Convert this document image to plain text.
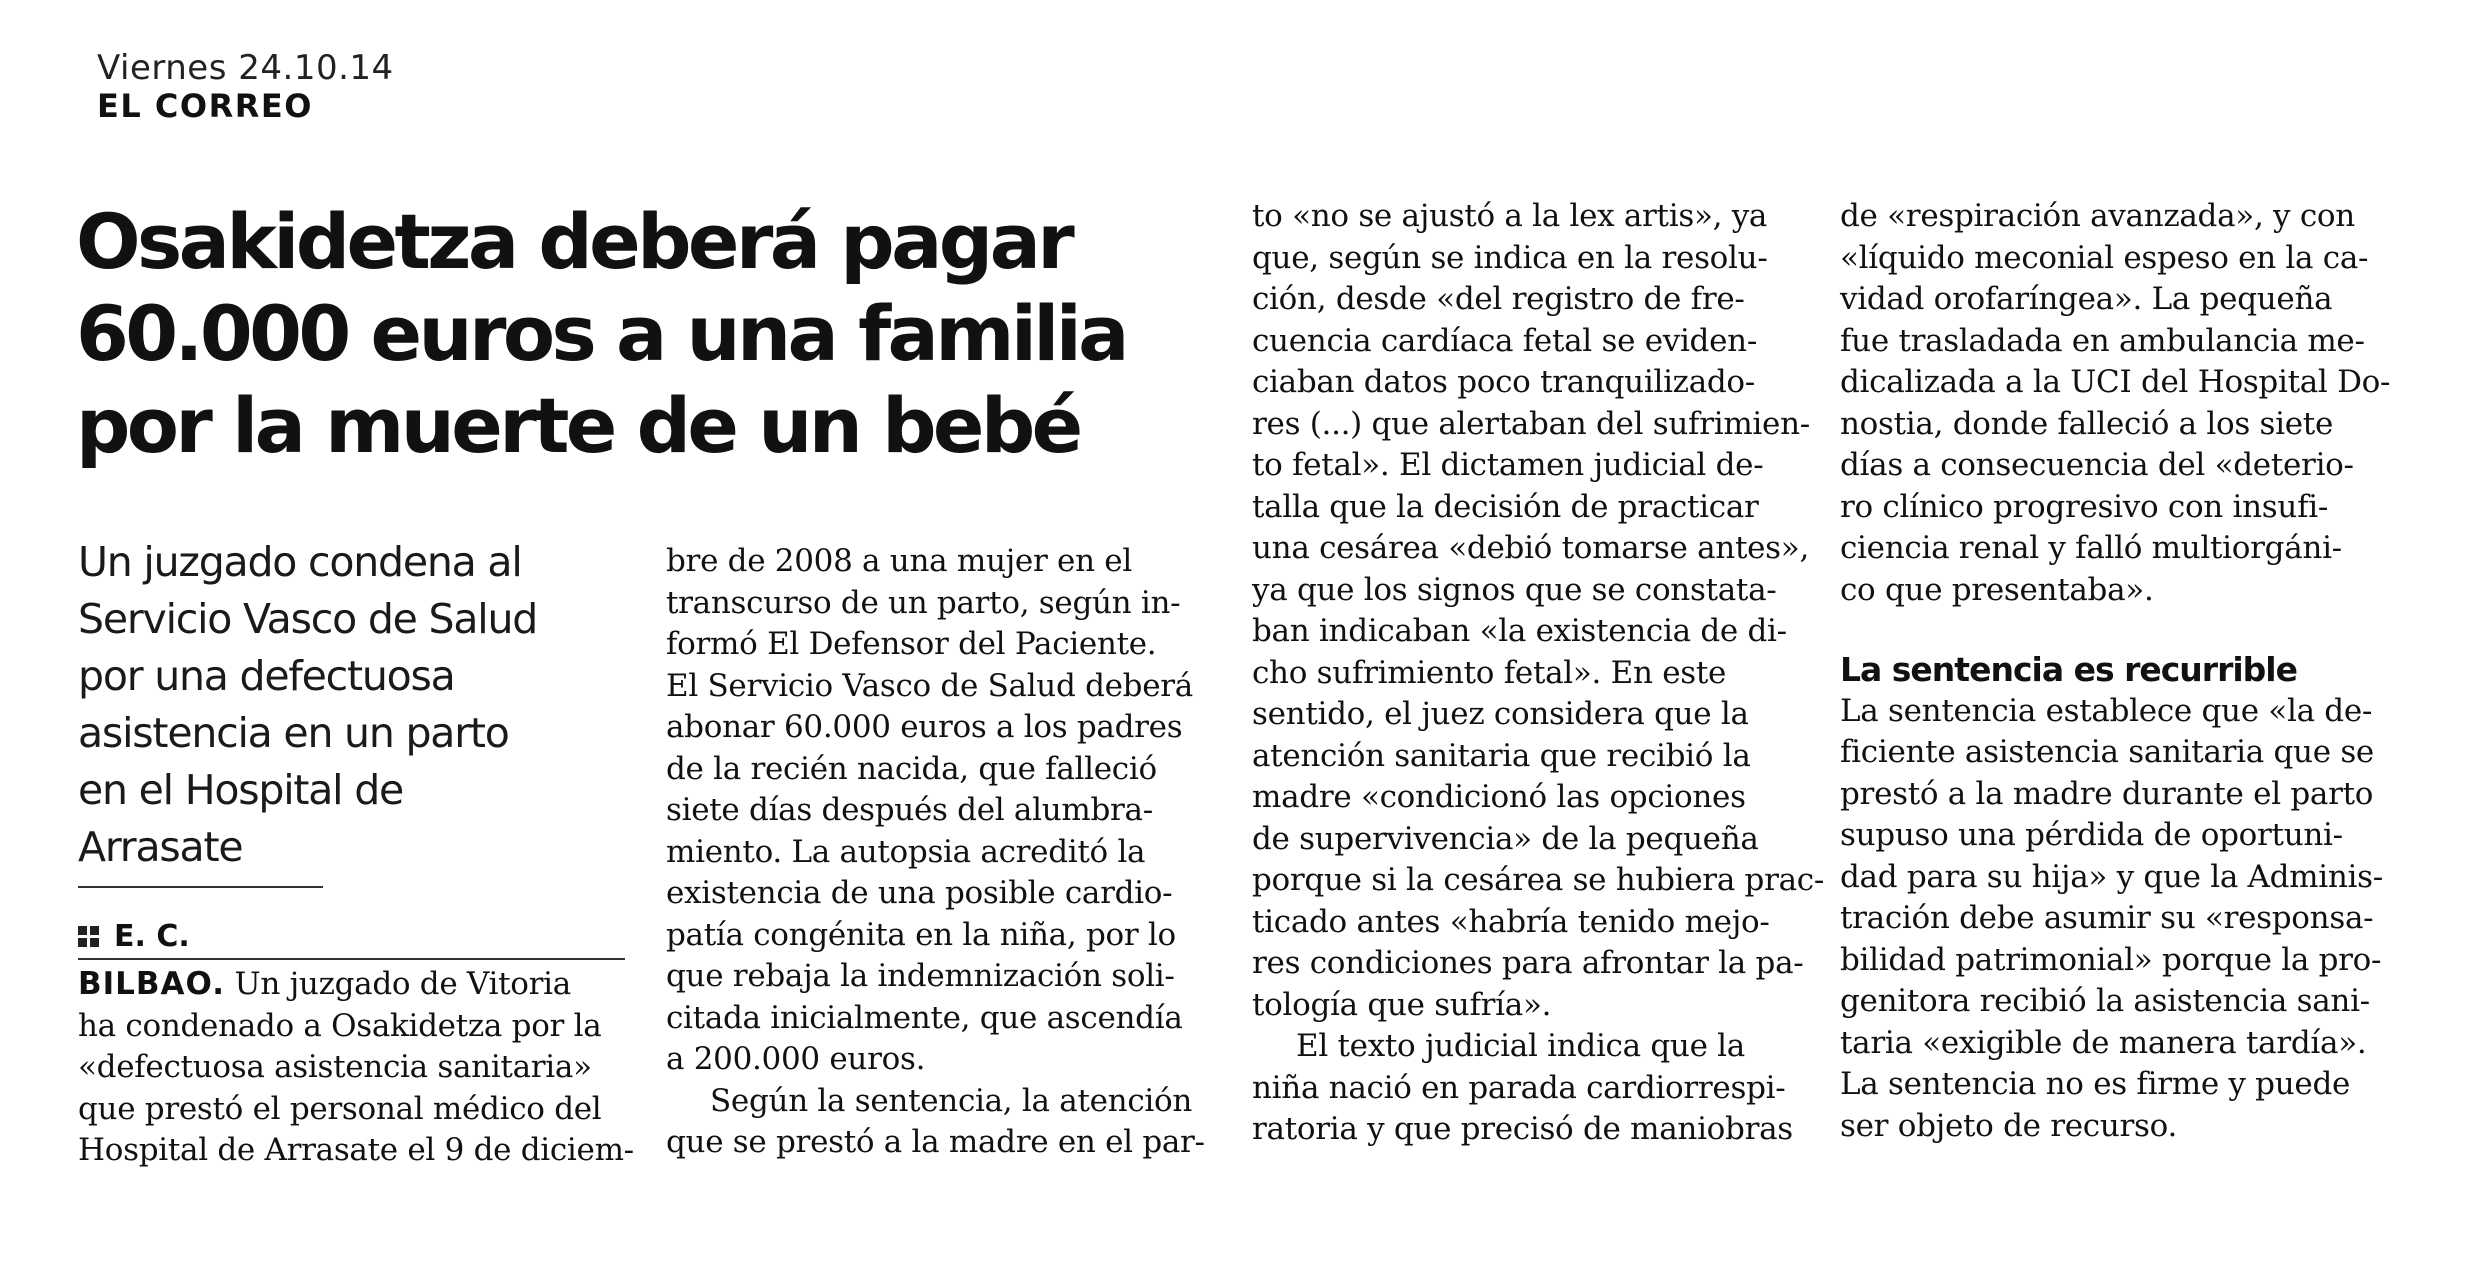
Viernes 24.10.14
EL CORREO
Osakidetza deberá pagar
60.000 euros a una familia
por la muerte de un bebé
Un juzgado condena al
Servicio Vasco de Salud
por una defectuosa
asistencia en un parto
en el Hospital de
Arrasate
E. C.
BILBAO. Un juzgado de Vitoria
ha condenado a Osakidetza por la
«defectuosa asistencia sanitaria»
que prestó el personal médico del
Hospital de Arrasate el 9 de diciem-
bre de 2008 a una mujer en el
transcurso de un parto, según in-
formó El Defensor del Paciente.
El Servicio Vasco de Salud deberá
abonar 60.000 euros a los padres
de la recién nacida, que falleció
siete días después del alumbra-
miento. La autopsia acreditó la
existencia de una posible cardio-
patía congénita en la niña, por lo
que rebaja la indemnización soli-
citada inicialmente, que ascendía
a 200.000 euros.
Según la sentencia, la atención
que se prestó a la madre en el par-
to «no se ajustó a la lex artis», ya
que, según se indica en la resolu-
ción, desde «del registro de fre-
cuencia cardíaca fetal se eviden-
ciaban datos poco tranquilizado-
res (...) que alertaban del sufrimien-
to fetal». El dictamen judicial de-
talla que la decisión de practicar
una cesárea «debió tomarse antes»,
ya que los signos que se constata-
ban indicaban «la existencia de di-
cho sufrimiento fetal». En este
sentido, el juez considera que la
atención sanitaria que recibió la
madre «condicionó las opciones
de supervivencia» de la pequeña
porque si la cesárea se hubiera prac-
ticado antes «habría tenido mejo-
res condiciones para afrontar la pa-
tología que sufría».
El texto judicial indica que la
niña nació en parada cardiorrespi-
ratoria y que precisó de maniobras
de «respiración avanzada», y con
«líquido meconial espeso en la ca-
vidad orofaríngea». La pequeña
fue trasladada en ambulancia me-
dicalizada a la UCI del Hospital Do-
nostia, donde falleció a los siete
días a consecuencia del «deterio-
ro clínico progresivo con insufi-
ciencia renal y falló multiorgáni-
co que presentaba».
La sentencia es recurrible
La sentencia establece que «la de-
ficiente asistencia sanitaria que se
prestó a la madre durante el parto
supuso una pérdida de oportuni-
dad para su hija» y que la Adminis-
tración debe asumir su «responsa-
bilidad patrimonial» porque la pro-
genitora recibió la asistencia sani-
taria «exigible de manera tardía».
La sentencia no es firme y puede
ser objeto de recurso.
